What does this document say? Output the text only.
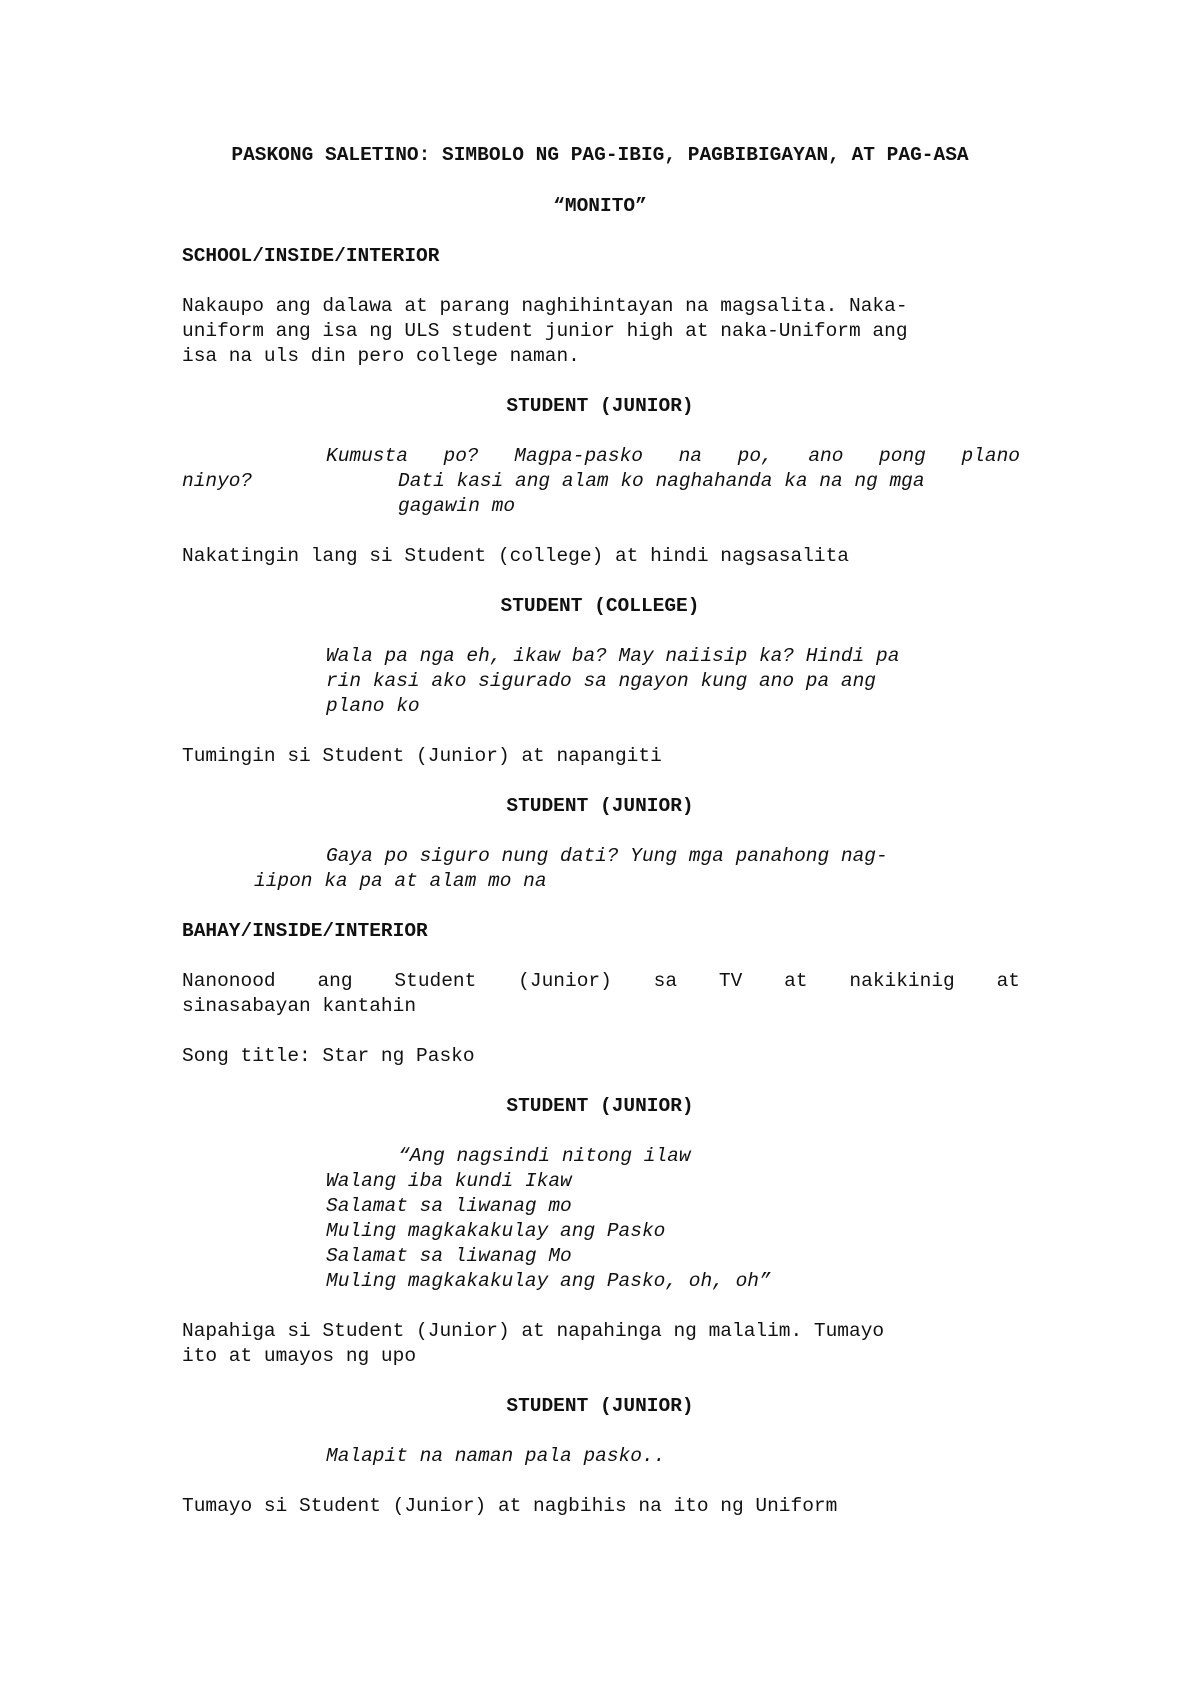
PASKONG SALETINO: SIMBOLO NG PAG-IBIG, PAGBIBIGAYAN, AT PAG-ASA
“MONITO”
SCHOOL/INSIDE/INTERIOR
Nakaupo ang dalawa at parang naghihintayan na magsalita. Naka-
uniform ang isa ng ULS student junior high at naka-Uniform ang
isa na uls din pero college naman.
STUDENT (JUNIOR)
Kumusta po? Magpa-pasko na po, ano pong plano
ninyo?	Dati kasi ang alam ko naghahanda ka na ng mga
gagawin mo
Nakatingin lang si Student (college) at hindi nagsasalita
STUDENT (COLLEGE)
Wala pa nga eh, ikaw ba? May naiisip ka? Hindi pa
rin kasi ako sigurado sa ngayon kung ano pa ang
plano ko
Tumingin si Student (Junior) at napangiti
STUDENT (JUNIOR)
Gaya po siguro nung dati? Yung mga panahong nag-
iipon ka pa at alam mo na
BAHAY/INSIDE/INTERIOR
Nanonood ang Student (Junior) sa TV at nakikinig at
sinasabayan kantahin
Song title: Star ng Pasko
STUDENT (JUNIOR)
“Ang nagsindi nitong ilaw
Walang iba kundi Ikaw
Salamat sa liwanag mo
Muling magkakakulay ang Pasko
Salamat sa liwanag Mo
Muling magkakakulay ang Pasko, oh, oh”
Napahiga si Student (Junior) at napahinga ng malalim. Tumayo
ito at umayos ng upo
STUDENT (JUNIOR)
Malapit na naman pala pasko..
Tumayo si Student (Junior) at nagbihis na ito ng Uniform
